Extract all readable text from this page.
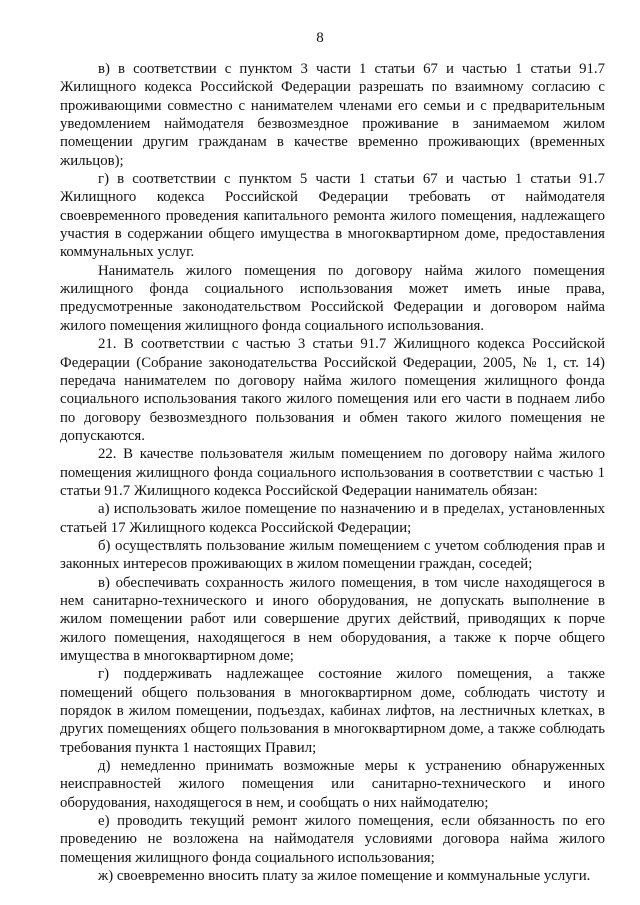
8

в) в соответствии с пунктом 3 части 1 статьи 67 и частью 1 статьи 91.7 Жилищного кодекса Российской Федерации разрешать по взаимному согласию с проживающими совместно с нанимателем членами его семьи и с предварительным уведомлением наймодателя безвозмездное проживание в занимаемом жилом помещении другим гражданам в качестве временно проживающих (временных жильцов);

г) в соответствии с пунктом 5 части 1 статьи 67 и частью 1 статьи 91.7 Жилищного кодекса Российской Федерации требовать от наймодателя своевременного проведения капитального ремонта жилого помещения, надлежащего участия в содержании общего имущества в многоквартирном доме, предоставления коммунальных услуг.

Наниматель жилого помещения по договору найма жилого помещения жилищного фонда социального использования может иметь иные права, предусмотренные законодательством Российской Федерации и договором найма жилого помещения жилищного фонда социального использования.

21. В соответствии с частью 3 статьи 91.7 Жилищного кодекса Российской Федерации (Собрание законодательства Российской Федерации, 2005, № 1, ст. 14) передача нанимателем по договору найма жилого помещения жилищного фонда социального использования такого жилого помещения или его части в поднаем либо по договору безвозмездного пользования и обмен такого жилого помещения не допускаются.

22. В качестве пользователя жилым помещением по договору найма жилого помещения жилищного фонда социального использования в соответствии с частью 1 статьи 91.7 Жилищного кодекса Российской Федерации наниматель обязан:

а) использовать жилое помещение по назначению и в пределах, установленных статьей 17 Жилищного кодекса Российской Федерации;

б) осуществлять пользование жилым помещением с учетом соблюдения прав и законных интересов проживающих в жилом помещении граждан, соседей;

в) обеспечивать сохранность жилого помещения, в том числе находящегося в нем санитарно-технического и иного оборудования, не допускать выполнение в жилом помещении работ или совершение других действий, приводящих к порче жилого помещения, находящегося в нем оборудования, а также к порче общего имущества в многоквартирном доме;

г) поддерживать надлежащее состояние жилого помещения, а также помещений общего пользования в многоквартирном доме, соблюдать чистоту и порядок в жилом помещении, подъездах, кабинах лифтов, на лестничных клетках, в других помещениях общего пользования в многоквартирном доме, а также соблюдать требования пункта 1 настоящих Правил;

д) немедленно принимать возможные меры к устранению обнаруженных неисправностей жилого помещения или санитарно-технического и иного оборудования, находящегося в нем, и сообщать о них наймодателю;

е) проводить текущий ремонт жилого помещения, если обязанность по его проведению не возложена на наймодателя условиями договора найма жилого помещения жилищного фонда социального использования;

ж) своевременно вносить плату за жилое помещение и коммунальные услуги.
